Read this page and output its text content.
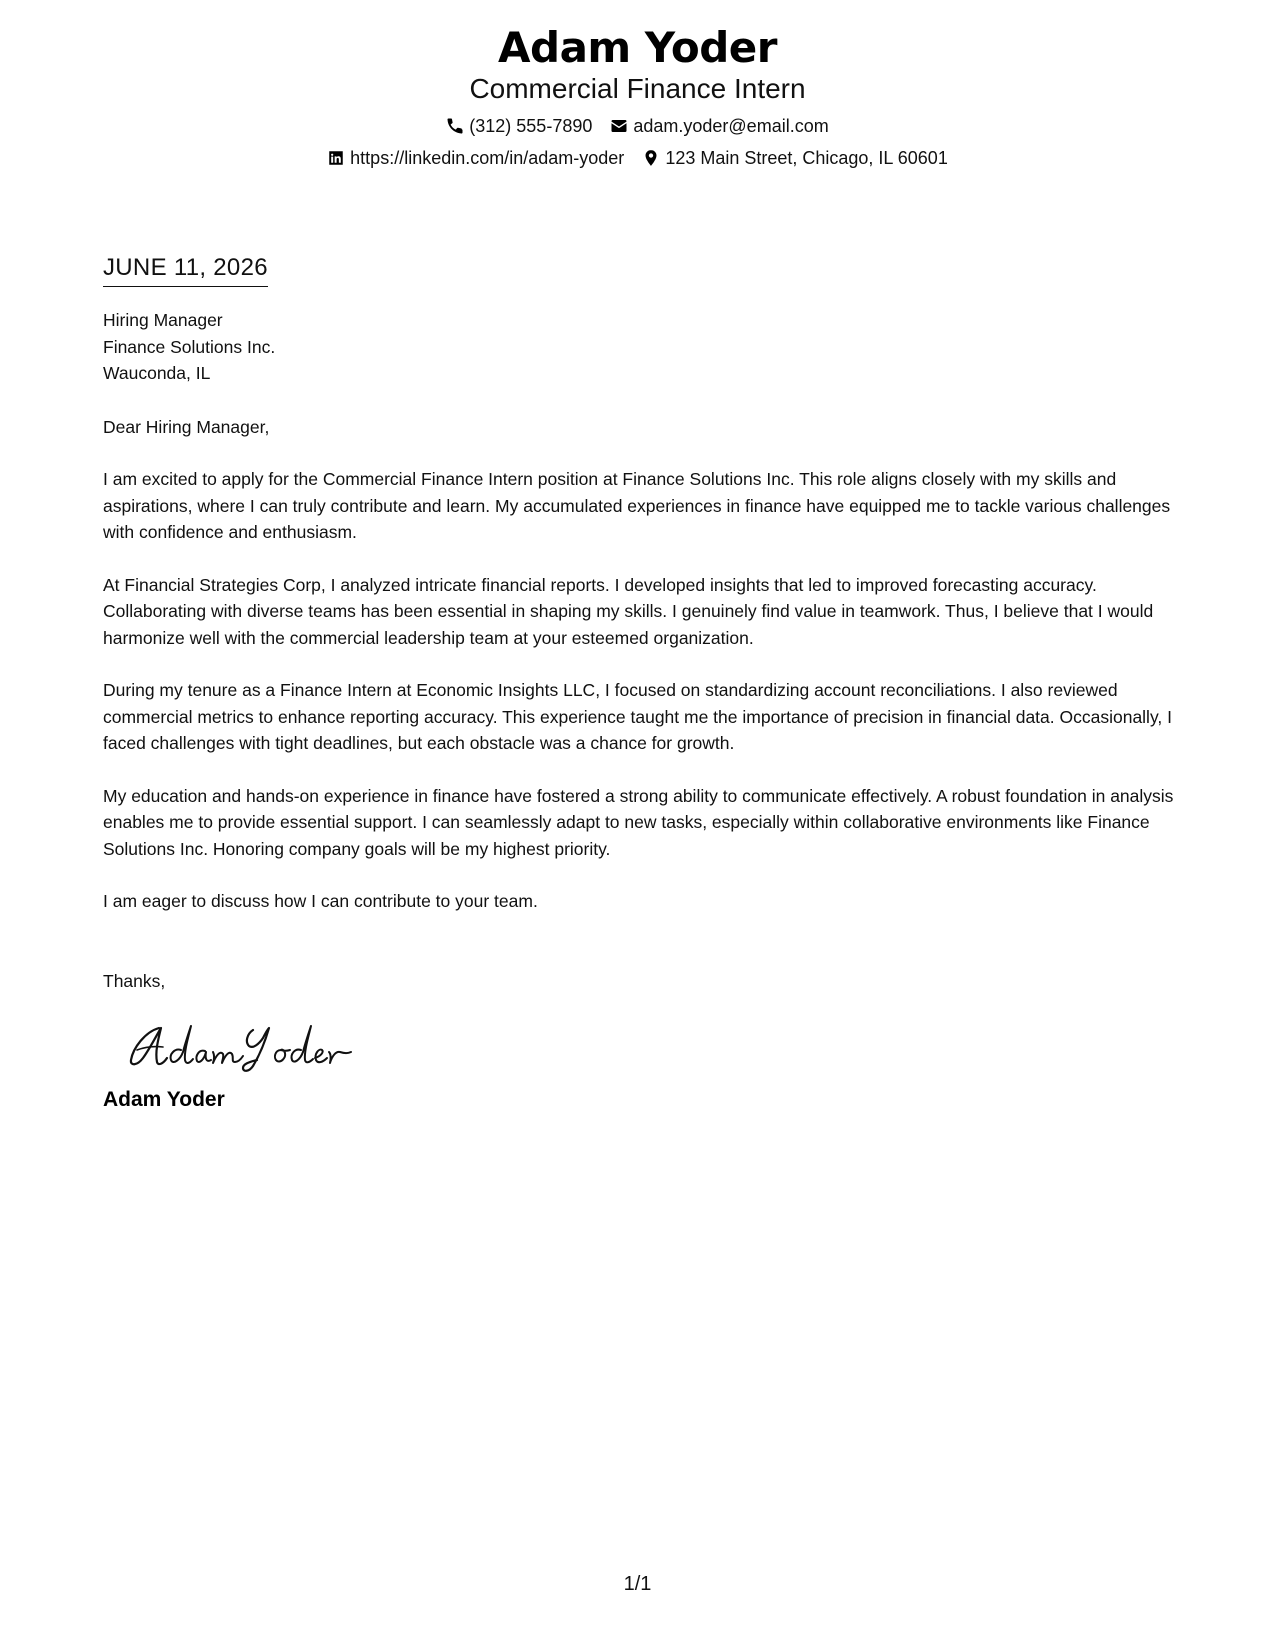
Adam Yoder
Commercial Finance Intern
(312) 555-7890 adam.yoder@email.com
https://linkedin.com/in/adam-yoder 123 Main Street, Chicago, IL 60601
JUNE 11, 2026
Hiring Manager
Finance Solutions Inc.
Wauconda, IL
Dear Hiring Manager,
I am excited to apply for the Commercial Finance Intern position at Finance Solutions Inc. This role aligns closely with my skills and aspirations, where I can truly contribute and learn. My accumulated experiences in finance have equipped me to tackle various challenges with confidence and enthusiasm.
At Financial Strategies Corp, I analyzed intricate financial reports. I developed insights that led to improved forecasting accuracy. Collaborating with diverse teams has been essential in shaping my skills. I genuinely find value in teamwork. Thus, I believe that I would harmonize well with the commercial leadership team at your esteemed organization.
During my tenure as a Finance Intern at Economic Insights LLC, I focused on standardizing account reconciliations. I also reviewed commercial metrics to enhance reporting accuracy. This experience taught me the importance of precision in financial data. Occasionally, I faced challenges with tight deadlines, but each obstacle was a chance for growth.
My education and hands-on experience in finance have fostered a strong ability to communicate effectively. A robust foundation in analysis enables me to provide essential support. I can seamlessly adapt to new tasks, especially within collaborative environments like Finance Solutions Inc. Honoring company goals will be my highest priority.
I am eager to discuss how I can contribute to your team.
Thanks,
Adam Yoder
1/1
